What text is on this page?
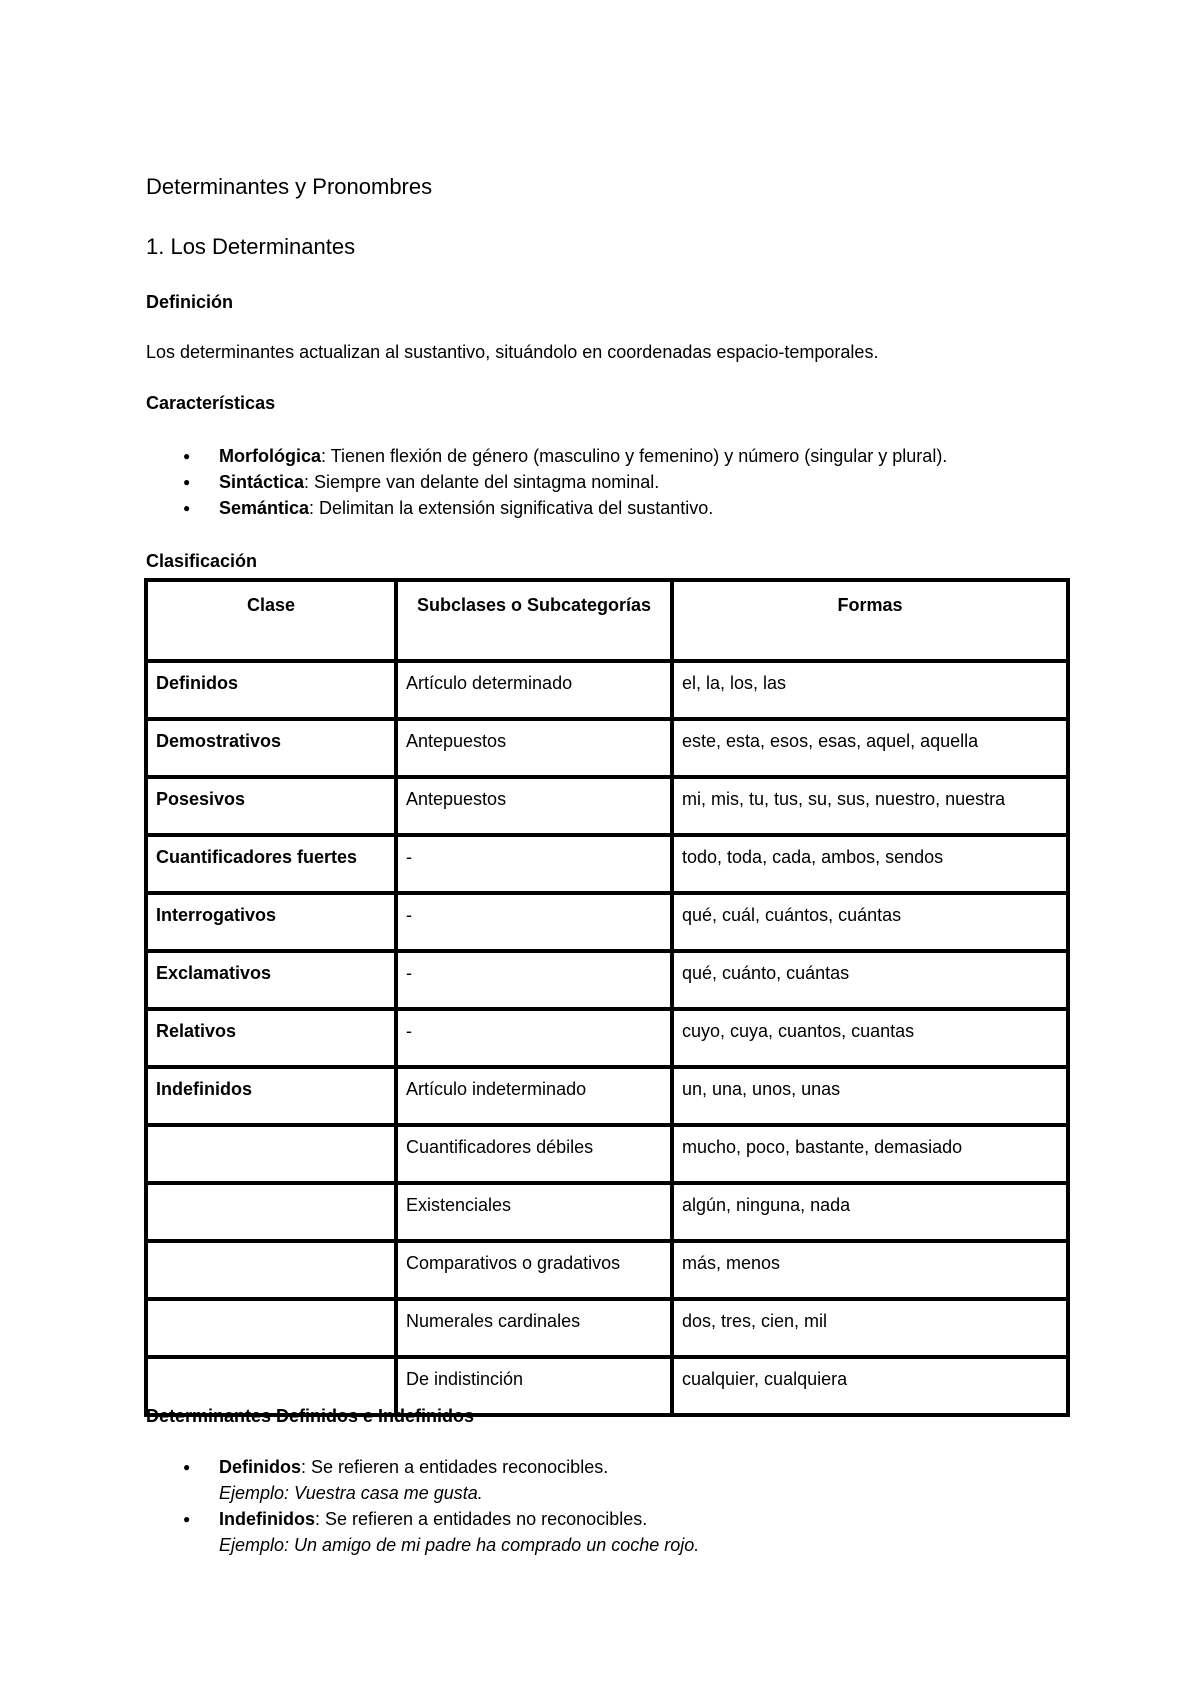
Determinantes y Pronombres
1. Los Determinantes
Definición

Los determinantes actualizan al sustantivo, situándolo en coordenadas espacio-temporales.

Características
● Morfológica: Tienen flexión de género (masculino y femenino) y número (singular y plural).
● Sintáctica: Siempre van delante del sintagma nominal.
● Semántica: Delimitan la extensión significativa del sustantivo.
Clasificación
Clase	Subclases o Subcategorías	Formas
Definidos	Artículo determinado	el, la, los, las
Demostrativos	Antepuestos	este, esta, esos, esas, aquel, aquella
Posesivos	Antepuestos	mi, mis, tu, tus, su, sus, nuestro, nuestra
Cuantificadores fuertes	-	todo, toda, cada, ambos, sendos
Interrogativos	-	qué, cuál, cuántos, cuántas
Exclamativos	-	qué, cuánto, cuántas
Relativos	-	cuyo, cuya, cuantos, cuantas
Indefinidos	Artículo indeterminado	un, una, unos, unas
	Cuantificadores débiles	mucho, poco, bastante, demasiado
	Existenciales	algún, ninguna, nada
	Comparativos o gradativos	más, menos
	Numerales cardinales	dos, tres, cien, mil
	De indistinción	cualquier, cualquiera
Determinantes Definidos e Indefinidos
● Definidos: Se refieren a entidades reconocibles.
Ejemplo: Vuestra casa me gusta.
● Indefinidos: Se refieren a entidades no reconocibles.
Ejemplo: Un amigo de mi padre ha comprado un coche rojo.
